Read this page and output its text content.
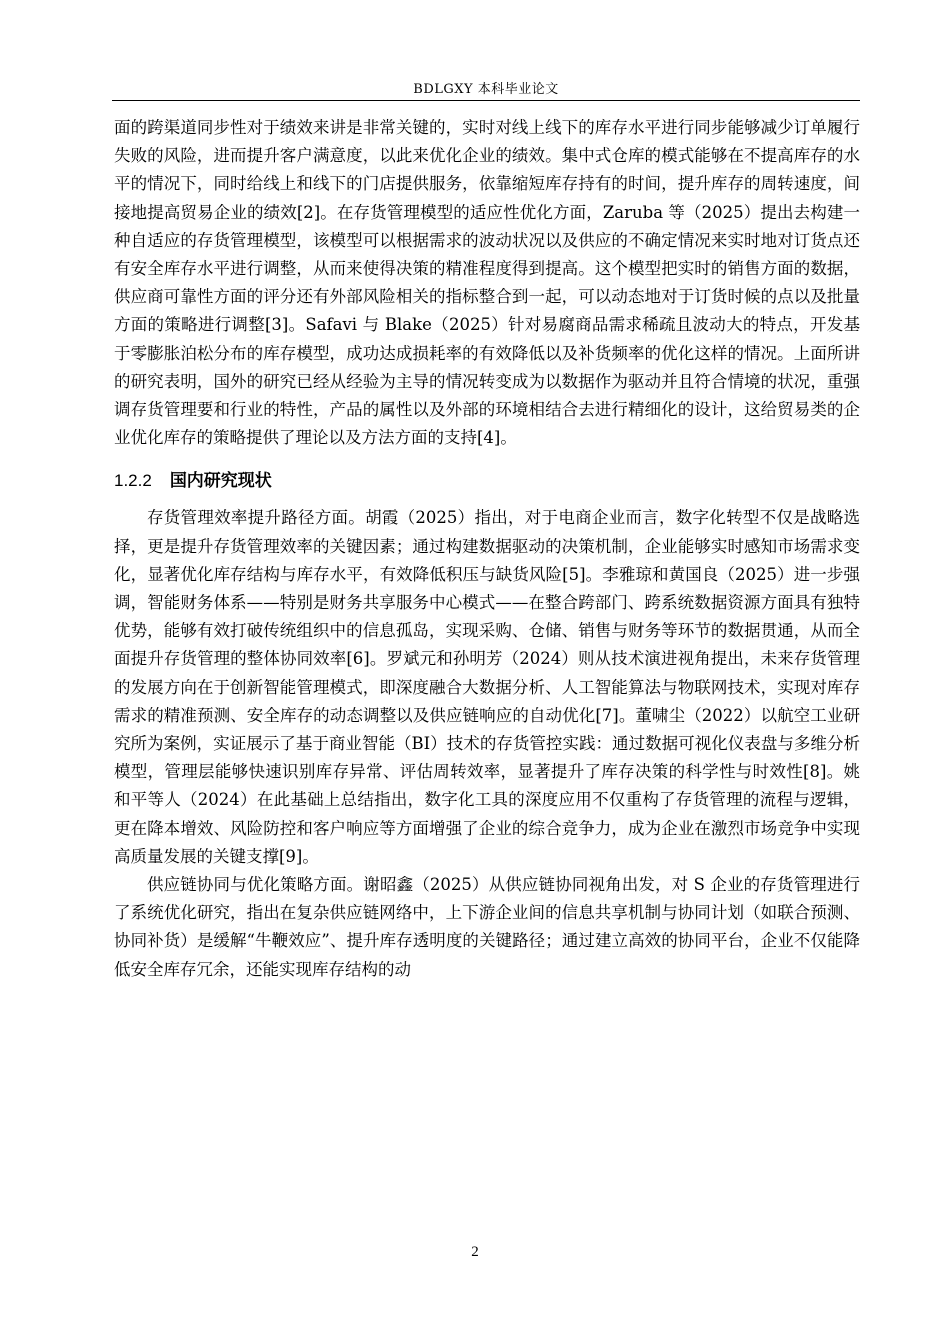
BDLGXY 本科毕业论文

面的跨渠道同步性对于绩效来讲是非常关键的，实时对线上线下的库存水平进行同步能够减少订单履行失败的风险，进而提升客户满意度，以此来优化企业的绩效。集中式仓库的模式能够在不提高库存的水平的情况下，同时给线上和线下的门店提供服务，依靠缩短库存持有的时间，提升库存的周转速度，间接地提高贸易企业的绩效[2]。在存货管理模型的适应性优化方面，Zaruba 等（2025）提出去构建一种自适应的存货管理模型，该模型可以根据需求的波动状况以及供应的不确定情况来实时地对订货点还有安全库存水平进行调整，从而来使得决策的精准程度得到提高。这个模型把实时的销售方面的数据，供应商可靠性方面的评分还有外部风险相关的指标整合到一起，可以动态地对于订货时候的点以及批量方面的策略进行调整[3]。Safavi 与 Blake（2025）针对易腐商品需求稀疏且波动大的特点，开发基于零膨胀泊松分布的库存模型，成功达成损耗率的有效降低以及补货频率的优化这样的情况。上面所讲的研究表明，国外的研究已经从经验为主导的情况转变成为以数据作为驱动并且符合情境的状况，重强调存货管理要和行业的特性，产品的属性以及外部的环境相结合去进行精细化的设计，这给贸易类的企业优化库存的策略提供了理论以及方法方面的支持[4]。

1.2.2 国内研究现状

存货管理效率提升路径方面。胡霞（2025）指出，对于电商企业而言，数字化转型不仅是战略选择，更是提升存货管理效率的关键因素；通过构建数据驱动的决策机制，企业能够实时感知市场需求变化，显著优化库存结构与库存水平，有效降低积压与缺货风险[5]。李雅琼和黄国良（2025）进一步强调，智能财务体系——特别是财务共享服务中心模式——在整合跨部门、跨系统数据资源方面具有独特优势，能够有效打破传统组织中的信息孤岛，实现采购、仓储、销售与财务等环节的数据贯通，从而全面提升存货管理的整体协同效率[6]。罗斌元和孙明芳（2024）则从技术演进视角提出，未来存货管理的发展方向在于创新智能管理模式，即深度融合大数据分析、人工智能算法与物联网技术，实现对库存需求的精准预测、安全库存的动态调整以及供应链响应的自动优化[7]。董啸尘（2022）以航空工业研究所为案例，实证展示了基于商业智能（BI）技术的存货管控实践：通过数据可视化仪表盘与多维分析模型，管理层能够快速识别库存异常、评估周转效率，显著提升了库存决策的科学性与时效性[8]。姚和平等人（2024）在此基础上总结指出，数字化工具的深度应用不仅重构了存货管理的流程与逻辑，更在降本增效、风险防控和客户响应等方面增强了企业的综合竞争力，成为企业在激烈市场竞争中实现高质量发展的关键支撑[9]。

供应链协同与优化策略方面。谢昭鑫（2025）从供应链协同视角出发，对 S 企业的存货管理进行了系统优化研究，指出在复杂供应链网络中，上下游企业间的信息共享机制与协同计划（如联合预测、协同补货）是缓解“牛鞭效应”、提升库存透明度的关键路径；通过建立高效的协同平台，企业不仅能降低安全库存冗余，还能实现库存结构的动

2
